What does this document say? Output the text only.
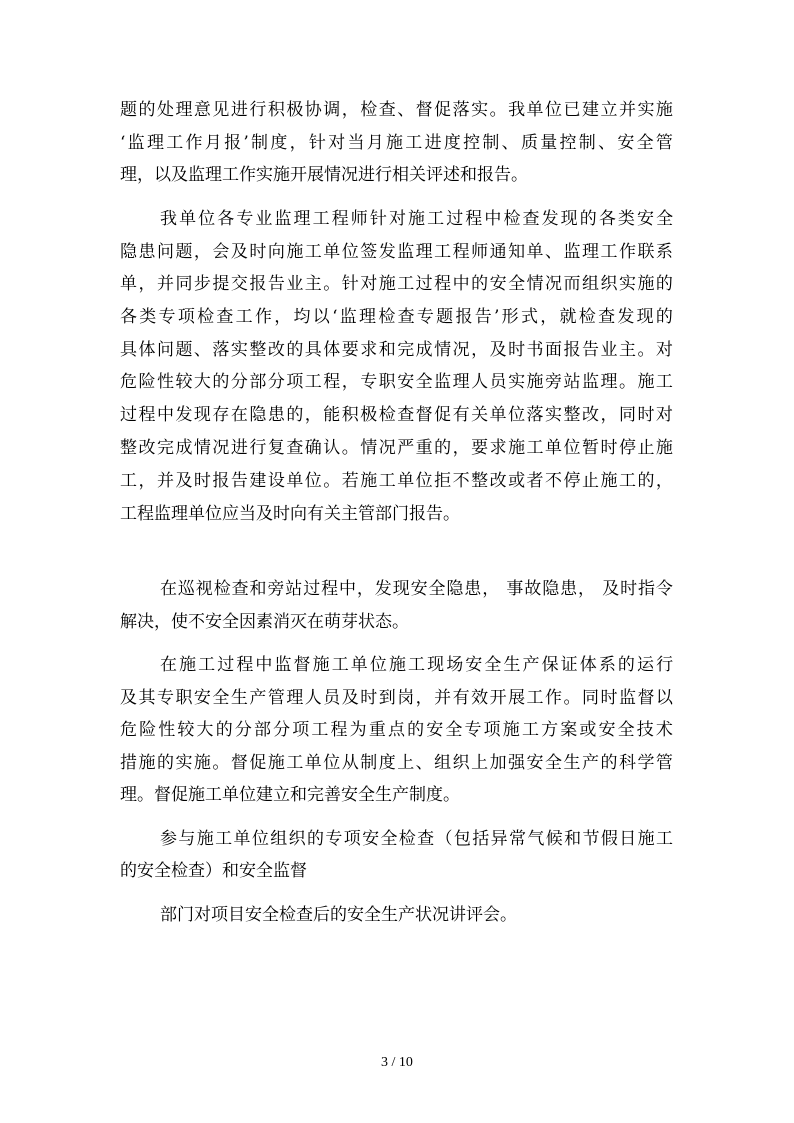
题的处理意见进行积极协调，检查、督促落实。我单位已建立并实施
‘监理工作月报’制度，针对当月施工进度控制、质量控制、安全管
理，以及监理工作实施开展情况进行相关评述和报告。
我单位各专业监理工程师针对施工过程中检查发现的各类安全
隐患问题，会及时向施工单位签发监理工程师通知单、监理工作联系
单，并同步提交报告业主。针对施工过程中的安全情况而组织实施的
各类专项检查工作，均以‘监理检查专题报告’形式，就检查发现的
具体问题、落实整改的具体要求和完成情况，及时书面报告业主。对
危险性较大的分部分项工程，专职安全监理人员实施旁站监理。施工
过程中发现存在隐患的，能积极检查督促有关单位落实整改，同时对
整改完成情况进行复查确认。情况严重的，要求施工单位暂时停止施
工，并及时报告建设单位。若施工单位拒不整改或者不停止施工的，
工程监理单位应当及时向有关主管部门报告。
在巡视检查和旁站过程中，发现安全隐患， 事故隐患， 及时指令
解决，使不安全因素消灭在萌芽状态。
在施工过程中监督施工单位施工现场安全生产保证体系的运行
及其专职安全生产管理人员及时到岗，并有效开展工作。同时监督以
危险性较大的分部分项工程为重点的安全专项施工方案或安全技术
措施的实施。督促施工单位从制度上、组织上加强安全生产的科学管
理。督促施工单位建立和完善安全生产制度。
参与施工单位组织的专项安全检查（包括异常气候和节假日施工
的安全检查）和安全监督
部门对项目安全检查后的安全生产状况讲评会。
3 / 10
